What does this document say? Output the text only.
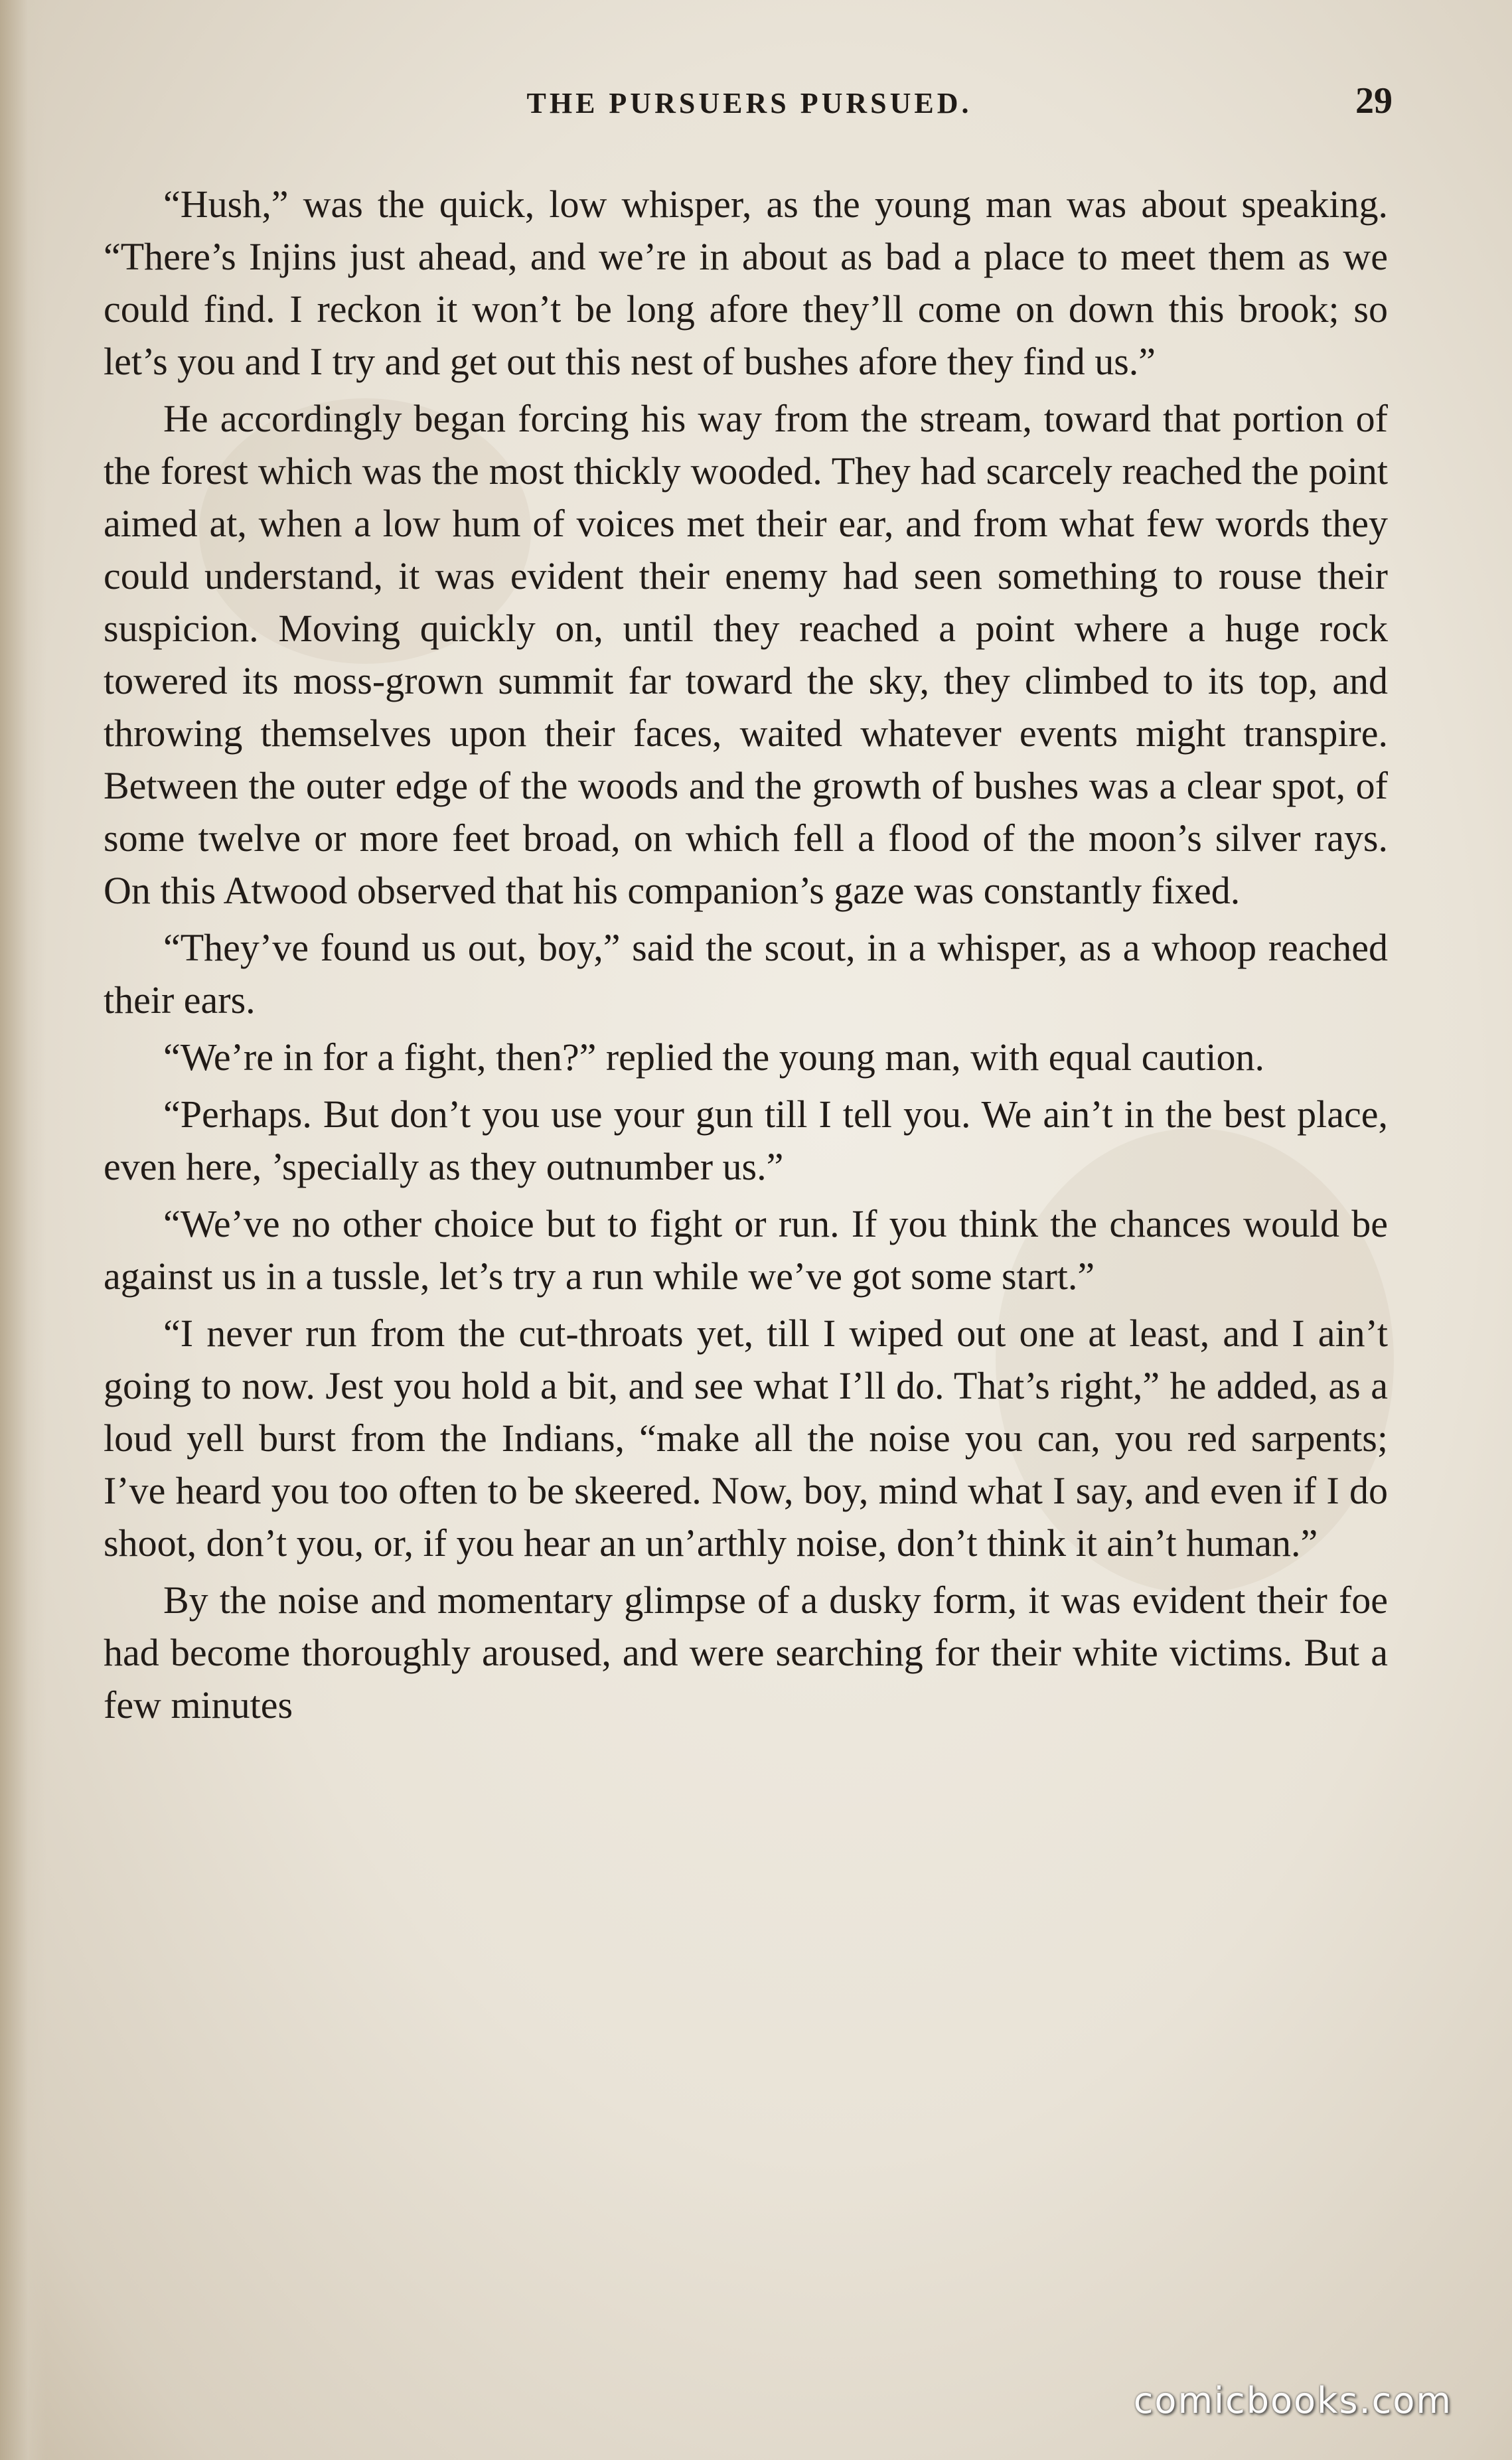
THE PURSUERS PURSUED.	29

“Hush,” was the quick, low whisper, as the young man was about speaking. “There’s Injins just ahead, and we’re in about as bad a place to meet them as we could find. I reckon it won’t be long afore they’ll come on down this brook; so let’s you and I try and get out this nest of bushes afore they find us.”

He accordingly began forcing his way from the stream, toward that portion of the forest which was the most thickly wooded. They had scarcely reached the point aimed at, when a low hum of voices met their ear, and from what few words they could understand, it was evident their enemy had seen something to rouse their suspicion. Moving quickly on, until they reached a point where a huge rock towered its moss-grown summit far toward the sky, they climbed to its top, and throwing themselves upon their faces, waited whatever events might transpire. Between the outer edge of the woods and the growth of bushes was a clear spot, of some twelve or more feet broad, on which fell a flood of the moon’s silver rays. On this Atwood observed that his companion’s gaze was constantly fixed.

“They’ve found us out, boy,” said the scout, in a whisper, as a whoop reached their ears.

“We’re in for a fight, then?” replied the young man, with equal caution.

“Perhaps. But don’t you use your gun till I tell you. We ain’t in the best place, even here, ’specially as they outnumber us.”

“We’ve no other choice but to fight or run. If you think the chances would be against us in a tussle, let’s try a run while we’ve got some start.”

“I never run from the cut-throats yet, till I wiped out one at least, and I ain’t going to now. Jest you hold a bit, and see what I’ll do. That’s right,” he added, as a loud yell burst from the Indians, “make all the noise you can, you red sarpents; I’ve heard you too often to be skeered. Now, boy, mind what I say, and even if I do shoot, don’t you, or, if you hear an un’arthly noise, don’t think it ain’t human.”

By the noise and momentary glimpse of a dusky form, it was evident their foe had become thoroughly aroused, and were searching for their white victims. But a few minutes

comicbooks.com
